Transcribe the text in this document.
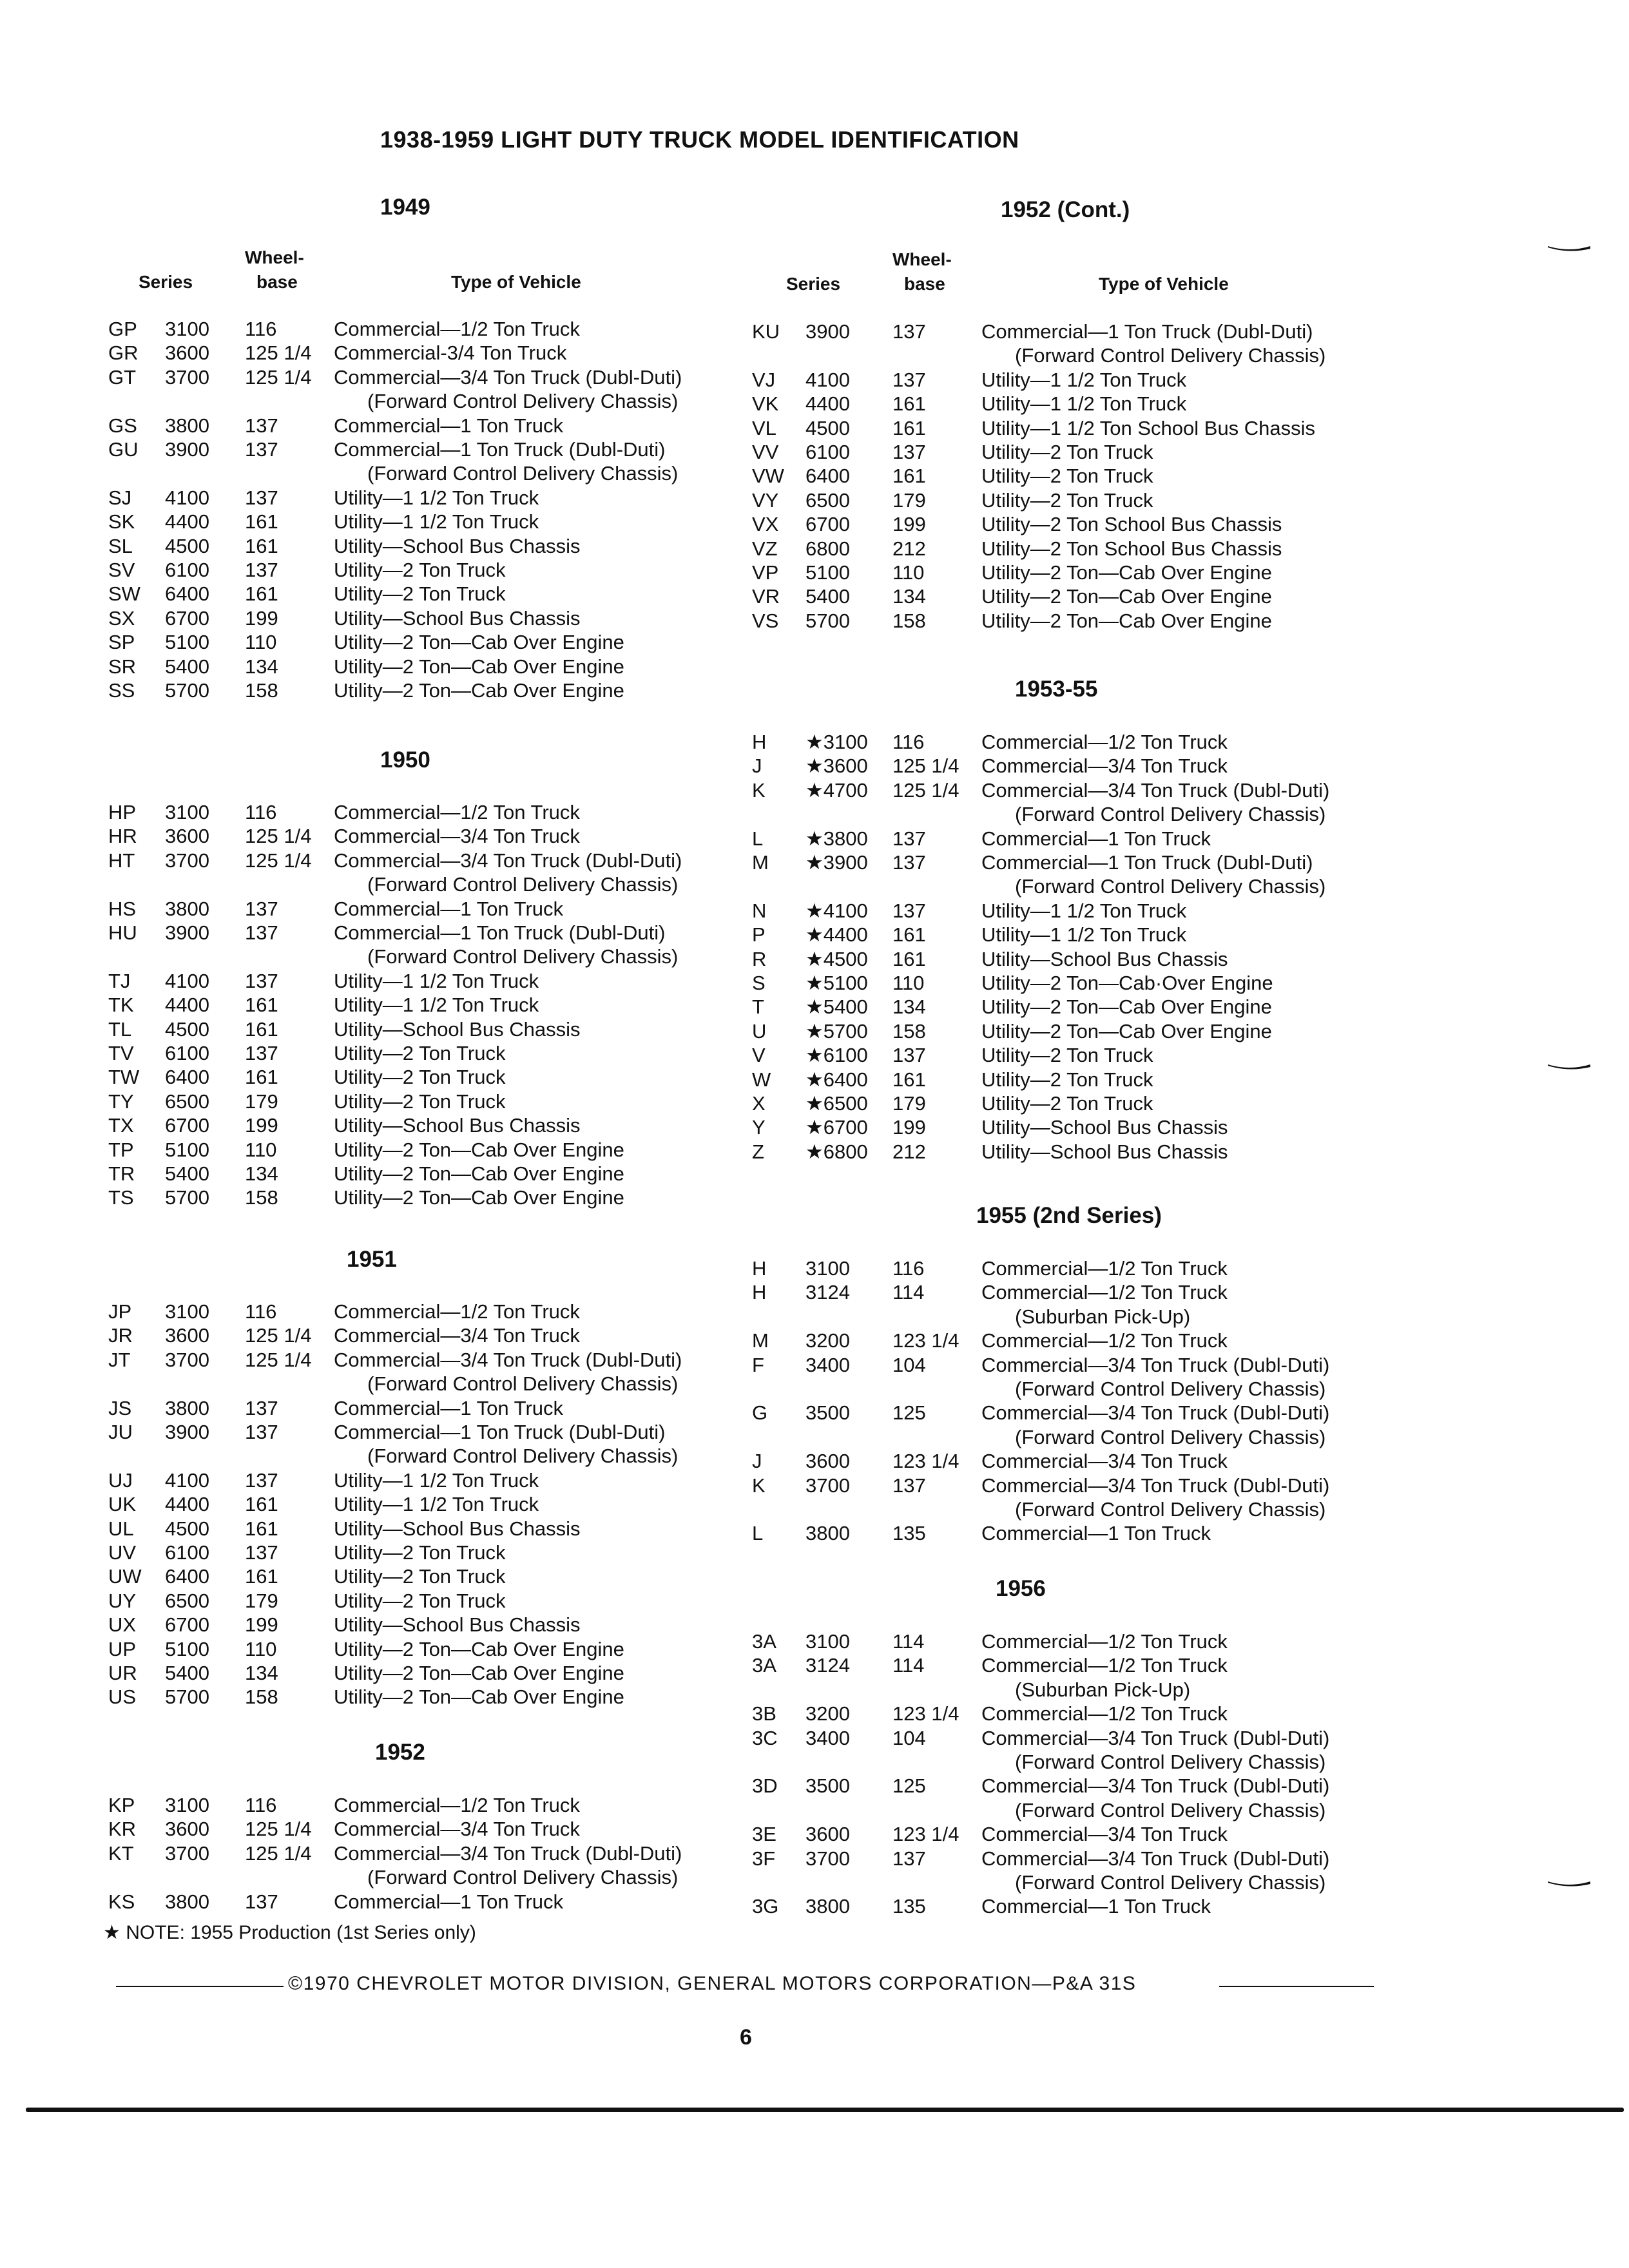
1938-1959 LIGHT DUTY TRUCK MODEL IDENTIFICATION
Wheel-
base
Series	Type of Vehicle
1949
GP 3100 116	Commercial—1/2 Ton Truck
GR 3600 125 1/4 Commercial-3/4 Ton Truck
GT 3700 125 1/4 Commercial—3/4 Ton Truck (Dubl-Duti)
(Forward Control Delivery Chassis)
GS 3800 137	Commercial—1 Ton Truck
GU 3900 137	Commercial—1 Ton Truck (Dubl-Duti)
(Forward Control Delivery Chassis)
SJ 4100 137	Utility—1 1/2 Ton Truck
SK 4400 161	Utility—1 1/2 Ton Truck
SL 4500 161	Utility—School Bus Chassis
SV 6100 137	Utility—2 Ton Truck
SW 6400 161	Utility—2 Ton Truck
SX 6700 199	Utility—School Bus Chassis
SP 5100 110	Utility—2 Ton—Cab Over Engine
SR 5400 134	Utility—2 Ton—Cab Over Engine
SS 5700 158	Utility—2 Ton—Cab Over Engine
1950
HP 3100 116	Commercial—1/2 Ton Truck
HR 3600 125 1/4 Commercial—3/4 Ton Truck
HT 3700 125 1/4 Commercial—3/4 Ton Truck (Dubl-Duti)
(Forward Control Delivery Chassis)
HS 3800 137	Commercial—1 Ton Truck
HU 3900 137	Commercial—1 Ton Truck (Dubl-Duti)
(Forward Control Delivery Chassis)
TJ 4100 137	Utility—1 1/2 Ton Truck
TK 4400 161	Utility—1 1/2 Ton Truck
TL 4500 161	Utility—School Bus Chassis
TV 6100 137	Utility—2 Ton Truck
TW 6400 161	Utility—2 Ton Truck
TY 6500 179	Utility—2 Ton Truck
TX 6700 199	Utility—School Bus Chassis
TP 5100 110	Utility—2 Ton—Cab Over Engine
TR 5400 134	Utility—2 Ton—Cab Over Engine
TS 5700 158	Utility—2 Ton—Cab Over Engine
1951
JP 3100 116	Commercial—1/2 Ton Truck
JR 3600 125 1/4 Commercial—3/4 Ton Truck
JT 3700 125 1/4 Commercial—3/4 Ton Truck (Dubl-Duti)
(Forward Control Delivery Chassis)
JS 3800 137	Commercial—1 Ton Truck
JU 3900 137	Commercial—1 Ton Truck (Dubl-Duti)
(Forward Control Delivery Chassis)
UJ 4100 137	Utility—1 1/2 Ton Truck
UK 4400 161	Utility—1 1/2 Ton Truck
UL 4500 161	Utility—School Bus Chassis
UV 6100 137	Utility—2 Ton Truck
UW 6400 161	Utility—2 Ton Truck
UY 6500 179	Utility—2 Ton Truck
UX 6700 199	Utility—School Bus Chassis
UP 5100 110	Utility—2 Ton—Cab Over Engine
UR 5400 134	Utility—2 Ton—Cab Over Engine
US 5700 158	Utility—2 Ton—Cab Over Engine
1952
KP 3100 116	Commercial—1/2 Ton Truck
KR 3600 125 1/4 Commercial—3/4 Ton Truck
KT 3700 125 1/4 Commercial—3/4 Ton Truck (Dubl-Duti)
(Forward Control Delivery Chassis)
KS 3800 137	Commercial—1 Ton Truck
Wheel-
base
Series	Type of Vehicle
1952 (Cont.)
KU 3900 137	Commercial—1 Ton Truck (Dubl-Duti)
(Forward Control Delivery Chassis)
VJ 4100 137	Utility—1 1/2 Ton Truck
VK 4400 161	Utility—1 1/2 Ton Truck
VL 4500 161	Utility—1 1/2 Ton School Bus Chassis
VV 6100 137	Utility—2 Ton Truck
VW 6400 161	Utility—2 Ton Truck
VY 6500 179	Utility—2 Ton Truck
VX 6700 199	Utility—2 Ton School Bus Chassis
VZ 6800 212	Utility—2 Ton School Bus Chassis
VP 5100 110	Utility—2 Ton—Cab Over Engine
VR 5400 134	Utility—2 Ton—Cab Over Engine
VS 5700 158	Utility—2 Ton—Cab Over Engine
1953-55
H ★3100 116	Commercial—1/2 Ton Truck
J ★3600 125 1/4 Commercial—3/4 Ton Truck
K ★4700 125 1/4 Commercial—3/4 Ton Truck (Dubl-Duti)
(Forward Control Delivery Chassis)
L ★3800 137	Commercial—1 Ton Truck
M ★3900 137	Commercial—1 Ton Truck (Dubl-Duti)
(Forward Control Delivery Chassis)
N ★4100 137	Utility—1 1/2 Ton Truck
P ★4400 161	Utility—1 1/2 Ton Truck
R ★4500 161	Utility—School Bus Chassis
S ★5100 110	Utility—2 Ton—Cab·Over Engine
T ★5400 134	Utility—2 Ton—Cab Over Engine
U ★5700 158	Utility—2 Ton—Cab Over Engine
V ★6100 137	Utility—2 Ton Truck
W ★6400 161	Utility—2 Ton Truck
X ★6500 179	Utility—2 Ton Truck
Y ★6700 199	Utility—School Bus Chassis
Z ★6800 212	Utility—School Bus Chassis
1955 (2nd Series)
H 3100 116	Commercial—1/2 Ton Truck
H 3124 114	Commercial—1/2 Ton Truck
(Suburban Pick-Up)
M 3200 123 1/4 Commercial—1/2 Ton Truck
F 3400 104	Commercial—3/4 Ton Truck (Dubl-Duti)
(Forward Control Delivery Chassis)
G 3500 125	Commercial—3/4 Ton Truck (Dubl-Duti)
(Forward Control Delivery Chassis)
J 3600 123 1/4 Commercial—3/4 Ton Truck
K 3700 137	Commercial—3/4 Ton Truck (Dubl-Duti)
(Forward Control Delivery Chassis)
L 3800 135	Commercial—1 Ton Truck
1956
3A 3100 114	Commercial—1/2 Ton Truck
3A 3124 114	Commercial—1/2 Ton Truck
(Suburban Pick-Up)
3B 3200 123 1/4 Commercial—1/2 Ton Truck
3C 3400 104	Commercial—3/4 Ton Truck (Dubl-Duti)
(Forward Control Delivery Chassis)
3D 3500 125	Commercial—3/4 Ton Truck (Dubl-Duti)
(Forward Control Delivery Chassis)
3E 3600 123 1/4 Commercial—3/4 Ton Truck
3F 3700 137	Commercial—3/4 Ton Truck (Dubl-Duti)
(Forward Control Delivery Chassis)
3G 3800 135	Commercial—1 Ton Truck
★ NOTE: 1955 Production (1st Series only)
©1970 CHEVROLET MOTOR DIVISION, GENERAL MOTORS CORPORATION—P&A 31S
6
